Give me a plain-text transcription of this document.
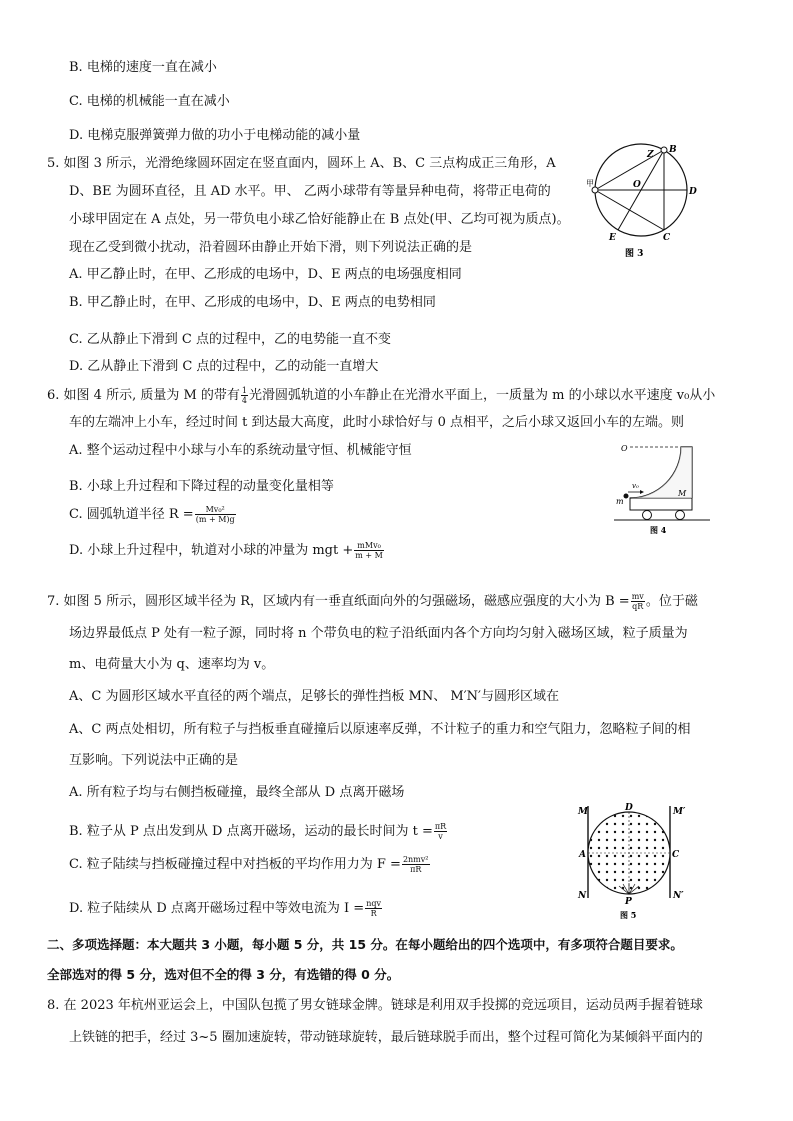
B. 电梯的速度一直在减小
C. 电梯的机械能一直在减小
D. 电梯克服弹簧弹力做的功小于电梯动能的减小量
5. 如图 3 所示，光滑绝缘圆环固定在竖直面内，圆环上 A、B、C 三点构成正三角形，A
D、BE 为圆环直径，且 AD 水平。甲、 乙两小球带有等量异种电荷，将带正电荷的
小球甲固定在 A 点处，另一带负电小球乙恰好能静止在 B 点处(甲、乙均可视为质点)。
现在乙受到微小扰动，沿着圆环由静止开始下滑，则下列说法正确的是
A. 甲乙静止时，在甲、乙形成的电场中，D、E 两点的电场强度相同
B. 甲乙静止时，在甲、乙形成的电场中，D、E 两点的电势相同
C. 乙从静止下滑到 C 点的过程中，乙的电势能一直不变
D. 乙从静止下滑到 C 点的过程中，乙的动能一直增大
甲
B
Z
O
D
E	C
图 3
6. 如图 4 所示, 质量为 M 的带有 $\frac{1}{4}$ 光滑圆弧轨道的小车静止在光滑水平面上，一质量为 m 的小球以水平速度 v₀从小
车的左端冲上小车，经过时间 t 到达最大高度，此时小球恰好与 0 点相平，之后小球又返回小车的左端。则
A. 整个运动过程中小球与小车的系统动量守恒、机械能守恒
B. 小球上升过程和下降过程的动量变化量相等
C. 圆弧轨道半径 $R = \frac{\text{Mv₀²}}{(m + M)g}$
D. 小球上升过程中，轨道对小球的冲量为 mgt + $\frac{\text{mMv₀}}{m + M}$
O
v₀
m
M
图 4
7. 如图 5 所示，圆形区域半径为 R，区域内有一垂直纸面向外的匀强磁场，磁感应强度的大小为 $B = \frac{mv}{qR}$ 。位于磁
场边界最低点 P 处有一粒子源，同时将 n 个带负电的粒子沿纸面内各个方向均匀射入磁场区域，粒子质量为
m、电荷量大小为 q、速率均为 v。
A、C 为圆形区域水平直径的两个端点，足够长的弹性挡板 MN、 M′N′与圆形区域在
A、C 两点处相切，所有粒子与挡板垂直碰撞后以原速率反弹，不计粒子的重力和空气阻力，忽略粒子间的相
互影响。下列说法中正确的是
A. 所有粒子均与右侧挡板碰撞，最终全部从 D 点离开磁场
B. 粒子从 P 点出发到从 D 点离开磁场，运动的最长时间为 $t = \frac{\pi R}{v}$
C. 粒子陆续与挡板碰撞过程中对挡板的平均作用力为 $F = \frac{\text{2nmv²}}{\pi R}$
D. 粒子陆续从 D 点离开磁场过程中等效电流为 $I = \frac{\text{nqv}}{R}$
M
N
M′
N′
D
A	C
P
图 5
二、多项选择题：本大题共 3 小题，每小题 5 分，共 15 分。在每小题给出的四个选项中，有多项符合题目要求。
全部选对的得 5 分，选对但不全的得 3 分，有选错的得 0 分。
8. 在 2023 年杭州亚运会上，中国队包揽了男女链球金牌。链球是利用双手投掷的竞远项目，运动员两手握着链球
上铁链的把手，经过 3~5 圈加速旋转，带动链球旋转，最后链球脱手而出，整个过程可简化为某倾斜平面内的
